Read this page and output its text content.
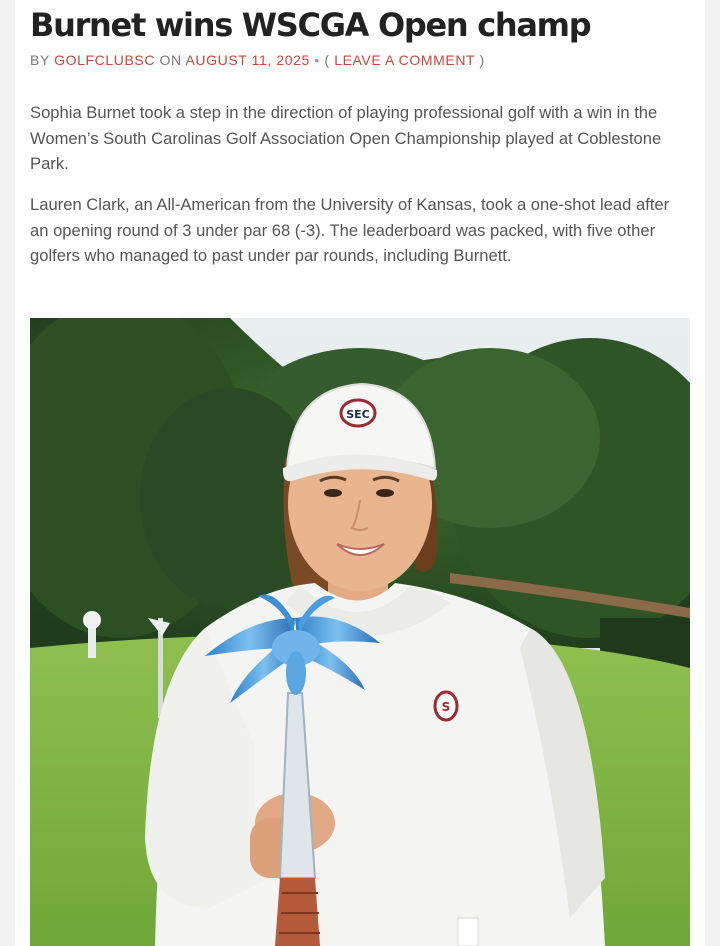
Burnet wins WSCGA Open champ
BY GOLFCLUBSC ON AUGUST 11, 2025 • ( LEAVE A COMMENT )

Sophia Burnet took a step in the direction of playing professional golf with a win in the Women’s South Carolinas Golf Association Open Championship played at Coblestone Park.

Lauren Clark, an All-American from the University of Kansas, took a one-shot lead after an opening round of 3 under par 68 (-3). The leaderboard was packed, with five other golfers who managed to past under par rounds, including Burnett.

S
SEC
